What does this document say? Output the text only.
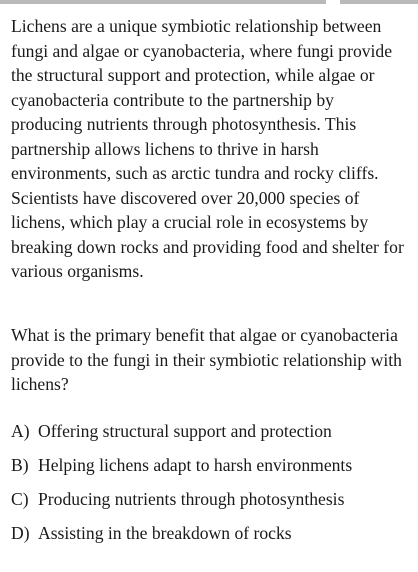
Lichens are a unique symbiotic relationship between fungi and algae or cyanobacteria, where fungi provide the structural support and protection, while algae or cyanobacteria contribute to the partnership by producing nutrients through photosynthesis. This partnership allows lichens to thrive in harsh environments, such as arctic tundra and rocky cliffs. Scientists have discovered over 20,000 species of lichens, which play a crucial role in ecosystems by breaking down rocks and providing food and shelter for various organisms.

What is the primary benefit that algae or cyanobacteria provide to the fungi in their symbiotic relationship with lichens?

A) Offering structural support and protection
B) Helping lichens adapt to harsh environments
C) Producing nutrients through photosynthesis
D) Assisting in the breakdown of rocks
